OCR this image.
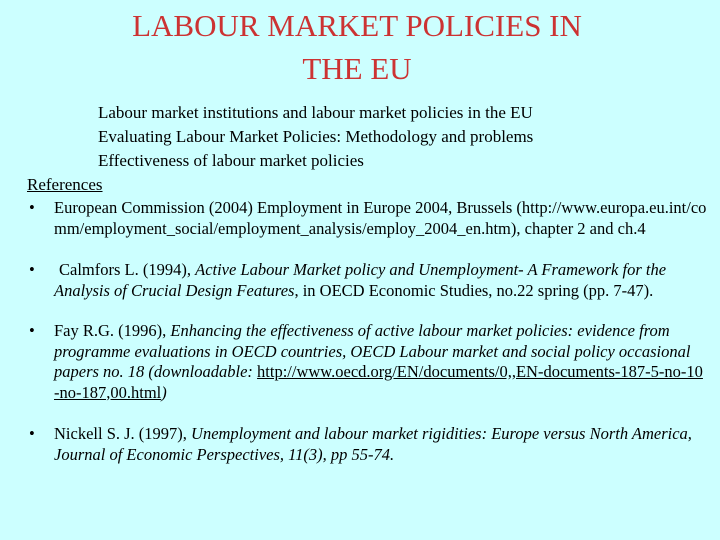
LABOUR MARKET POLICIES IN
THE EU
Labour market institutions and labour market policies in the EU
Evaluating Labour Market Policies: Methodology and problems
Effectiveness of labour market policies
References
• European Commission (2004) Employment in Europe 2004, Brussels (http://www.europa.eu.int/comm/employment_social/employment_analysis/employ_2004_en.htm), chapter 2 and ch.4
• Calmfors L. (1994), Active Labour Market policy and Unemployment- A Framework for the Analysis of Crucial Design Features, in OECD Economic Studies, no.22 spring (pp. 7-47).
• Fay R.G. (1996), Enhancing the effectiveness of active labour market policies: evidence from programme evaluations in OECD countries, OECD Labour market and social policy occasional papers no. 18 (downloadable: http://www.oecd.org/EN/documents/0,,EN-documents-187-5-no-10-no-187,00.html)
• Nickell S. J. (1997), Unemployment and labour market rigidities: Europe versus North America, Journal of Economic Perspectives, 11(3), pp 55-74.
